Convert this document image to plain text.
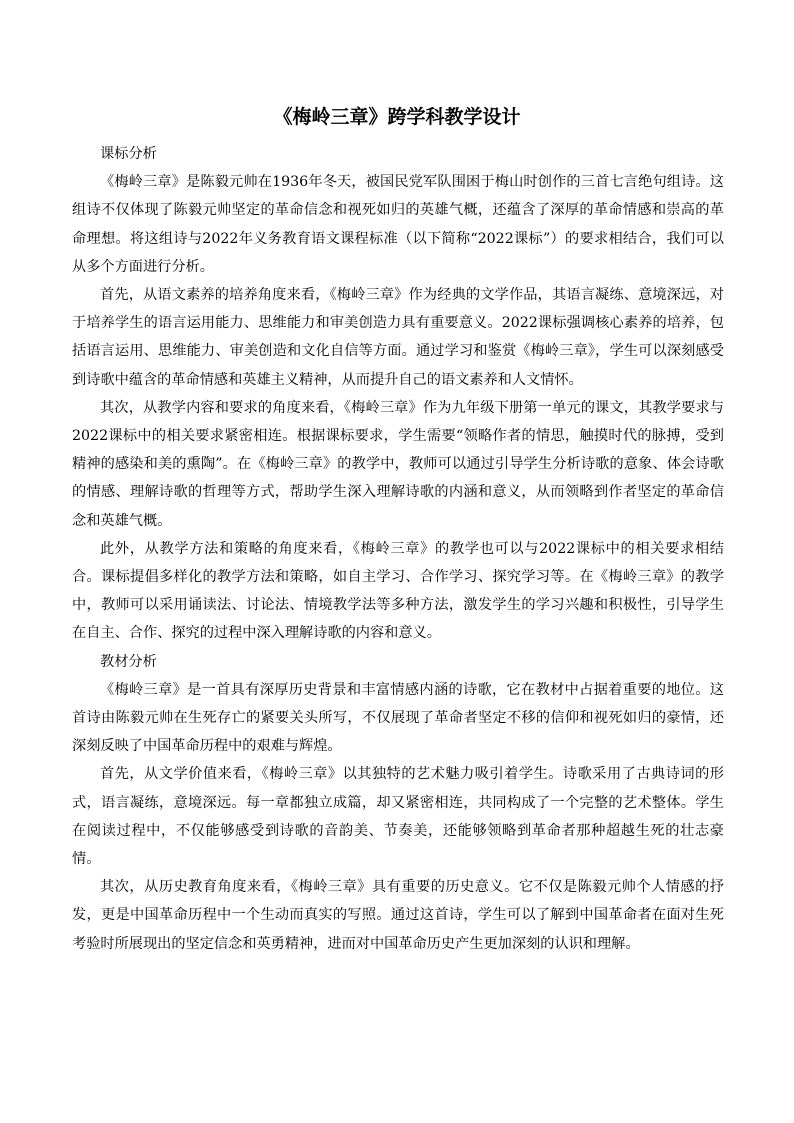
《梅岭三章》跨学科教学设计

课标分析

《梅岭三章》是陈毅元帅在1936年冬天，被国民党军队围困于梅山时创作的三首七言绝句组诗。这组诗不仅体现了陈毅元帅坚定的革命信念和视死如归的英雄气概，还蕴含了深厚的革命情感和崇高的革命理想。将这组诗与2022年义务教育语文课程标准（以下简称“2022课标”）的要求相结合，我们可以从多个方面进行分析。

首先，从语文素养的培养角度来看，《梅岭三章》作为经典的文学作品，其语言凝练、意境深远，对于培养学生的语言运用能力、思维能力和审美创造力具有重要意义。2022课标强调核心素养的培养，包括语言运用、思维能力、审美创造和文化自信等方面。通过学习和鉴赏《梅岭三章》，学生可以深刻感受到诗歌中蕴含的革命情感和英雄主义精神，从而提升自己的语文素养和人文情怀。

其次，从教学内容和要求的角度来看，《梅岭三章》作为九年级下册第一单元的课文，其教学要求与2022课标中的相关要求紧密相连。根据课标要求，学生需要“领略作者的情思，触摸时代的脉搏，受到精神的感染和美的熏陶”。在《梅岭三章》的教学中，教师可以通过引导学生分析诗歌的意象、体会诗歌的情感、理解诗歌的哲理等方式，帮助学生深入理解诗歌的内涵和意义，从而领略到作者坚定的革命信念和英雄气概。

此外，从教学方法和策略的角度来看，《梅岭三章》的教学也可以与2022课标中的相关要求相结合。课标提倡多样化的教学方法和策略，如自主学习、合作学习、探究学习等。在《梅岭三章》的教学中，教师可以采用诵读法、讨论法、情境教学法等多种方法，激发学生的学习兴趣和积极性，引导学生在自主、合作、探究的过程中深入理解诗歌的内容和意义。

教材分析

《梅岭三章》是一首具有深厚历史背景和丰富情感内涵的诗歌，它在教材中占据着重要的地位。这首诗由陈毅元帅在生死存亡的紧要关头所写，不仅展现了革命者坚定不移的信仰和视死如归的豪情，还深刻反映了中国革命历程中的艰难与辉煌。

首先，从文学价值来看，《梅岭三章》以其独特的艺术魅力吸引着学生。诗歌采用了古典诗词的形式，语言凝练，意境深远。每一章都独立成篇，却又紧密相连，共同构成了一个完整的艺术整体。学生在阅读过程中，不仅能够感受到诗歌的音韵美、节奏美，还能够领略到革命者那种超越生死的壮志豪情。

其次，从历史教育角度来看，《梅岭三章》具有重要的历史意义。它不仅是陈毅元帅个人情感的抒发，更是中国革命历程中一个生动而真实的写照。通过这首诗，学生可以了解到中国革命者在面对生死考验时所展现出的坚定信念和英勇精神，进而对中国革命历史产生更加深刻的认识和理解。
